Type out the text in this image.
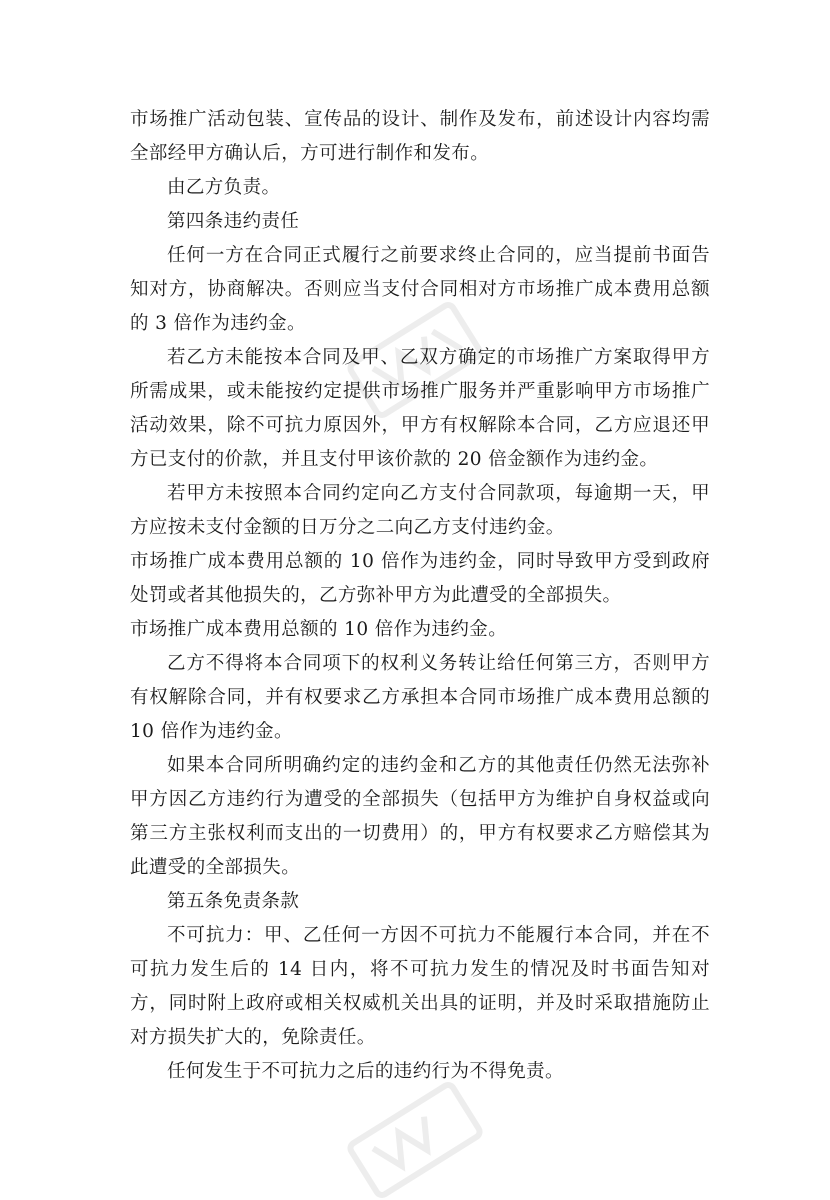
市场推广活动包装、宣传品的设计、制作及发布，前述设计内容均需全部经甲方确认后，方可进行制作和发布。

由乙方负责。

第四条违约责任

任何一方在合同正式履行之前要求终止合同的，应当提前书面告知对方，协商解决。否则应当支付合同相对方市场推广成本费用总额的 3 倍作为违约金。

若乙方未能按本合同及甲、乙双方确定的市场推广方案取得甲方所需成果，或未能按约定提供市场推广服务并严重影响甲方市场推广活动效果，除不可抗力原因外，甲方有权解除本合同，乙方应退还甲方已支付的价款，并且支付甲该价款的 20 倍金额作为违约金。

若甲方未按照本合同约定向乙方支付合同款项，每逾期一天，甲方应按未支付金额的日万分之二向乙方支付违约金。

市场推广成本费用总额的 10 倍作为违约金，同时导致甲方受到政府处罚或者其他损失的，乙方弥补甲方为此遭受的全部损失。

市场推广成本费用总额的 10 倍作为违约金。

乙方不得将本合同项下的权利义务转让给任何第三方，否则甲方有权解除合同，并有权要求乙方承担本合同市场推广成本费用总额的 10 倍作为违约金。

如果本合同所明确约定的违约金和乙方的其他责任仍然无法弥补甲方因乙方违约行为遭受的全部损失（包括甲方为维护自身权益或向第三方主张权利而支出的一切费用）的，甲方有权要求乙方赔偿其为此遭受的全部损失。

第五条免责条款

不可抗力：甲、乙任何一方因不可抗力不能履行本合同，并在不可抗力发生后的 14 日内，将不可抗力发生的情况及时书面告知对方，同时附上政府或相关权威机关出具的证明，并及时采取措施防止对方损失扩大的，免除责任。

任何发生于不可抗力之后的违约行为不得免责。
